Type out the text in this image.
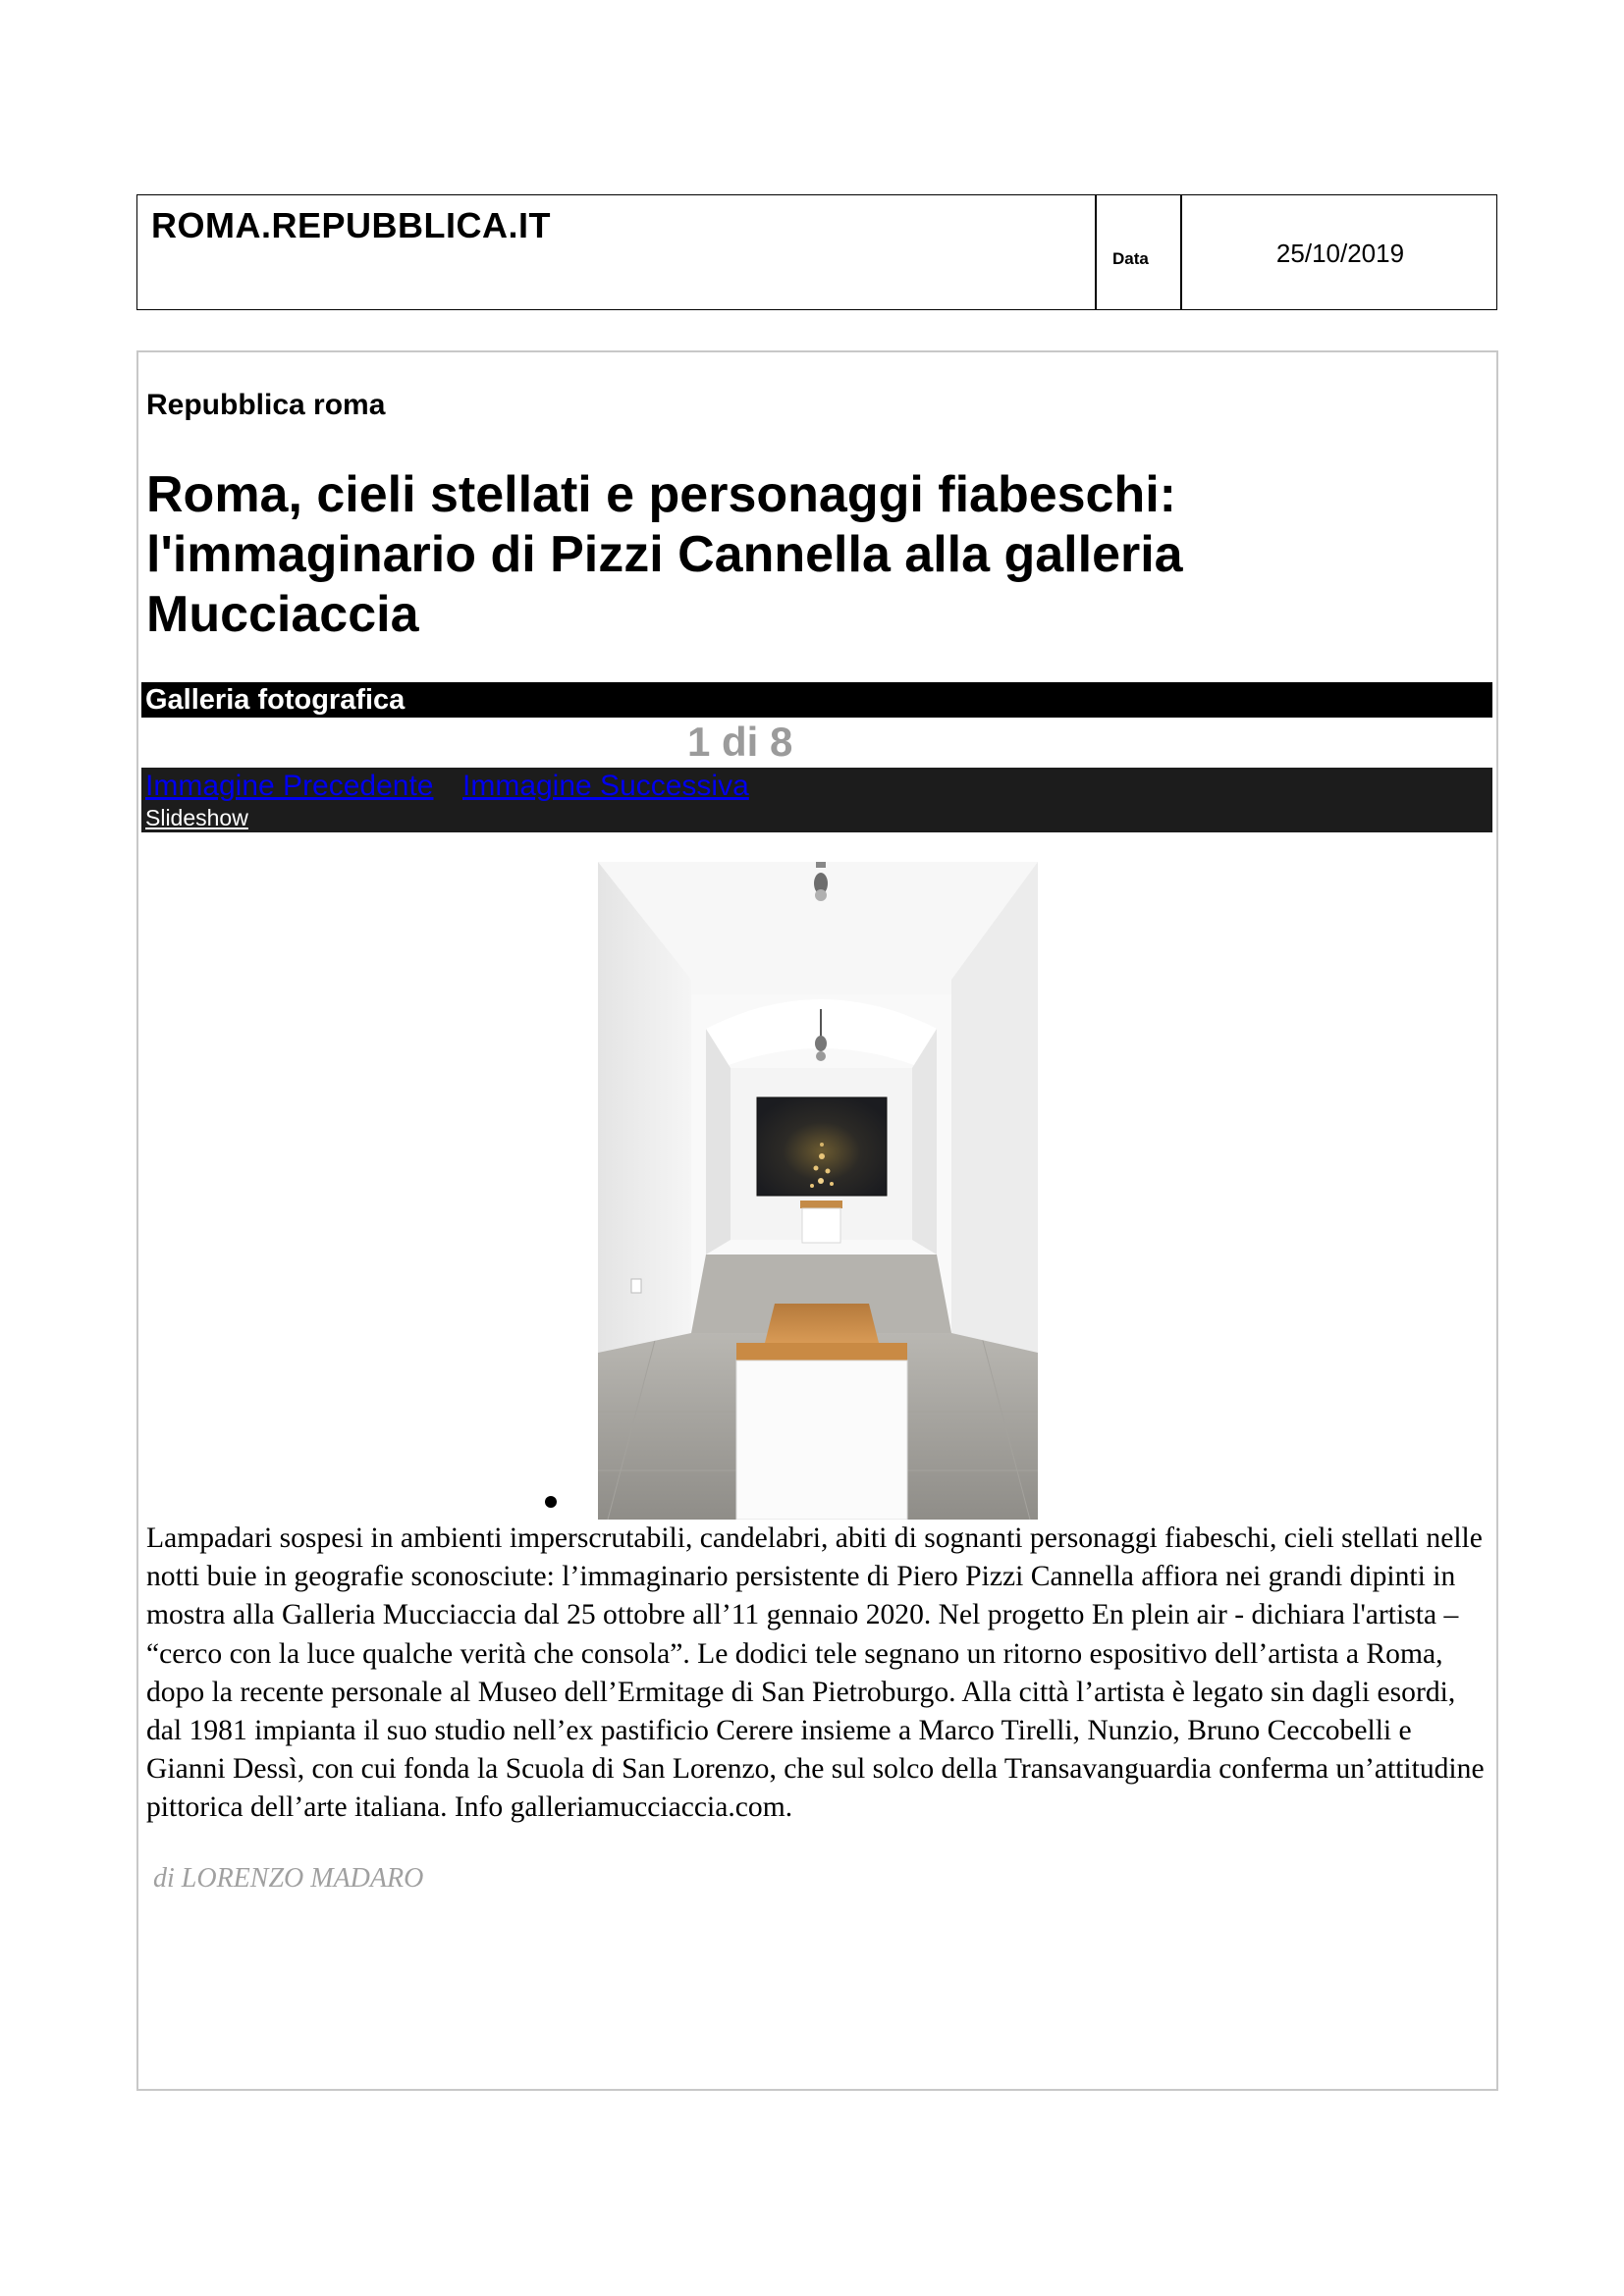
ROMA.REPUBBLICA.IT
Data	25/10/2019
Repubblica roma
Roma, cieli stellati e personaggi fiabeschi: l'immaginario di Pizzi Cannella alla galleria Mucciaccia
Galleria fotografica
1 di 8
Immagine Precedente Immagine Successiva
Slideshow

Lampadari sospesi in ambienti imperscrutabili, candelabri, abiti di sognanti personaggi fiabeschi, cieli stellati nelle notti buie in geografie sconosciute: l’immaginario persistente di Piero Pizzi Cannella affiora nei grandi dipinti in mostra alla Galleria Mucciaccia dal 25 ottobre all’11 gennaio 2020. Nel progetto En plein air - dichiara l'artista – “cerco con la luce qualche verità che consola”. Le dodici tele segnano un ritorno espositivo dell’artista a Roma, dopo la recente personale al Museo dell’Ermitage di San Pietroburgo. Alla città l’artista è legato sin dagli esordi, dal 1981 impianta il suo studio nell’ex pastificio Cerere insieme a Marco Tirelli, Nunzio, Bruno Ceccobelli e Gianni Dessì, con cui fonda la Scuola di San Lorenzo, che sul solco della Transavanguardia conferma un’attitudine pittorica dell’arte italiana. Info galleriamucciaccia.com.

di LORENZO MADARO
